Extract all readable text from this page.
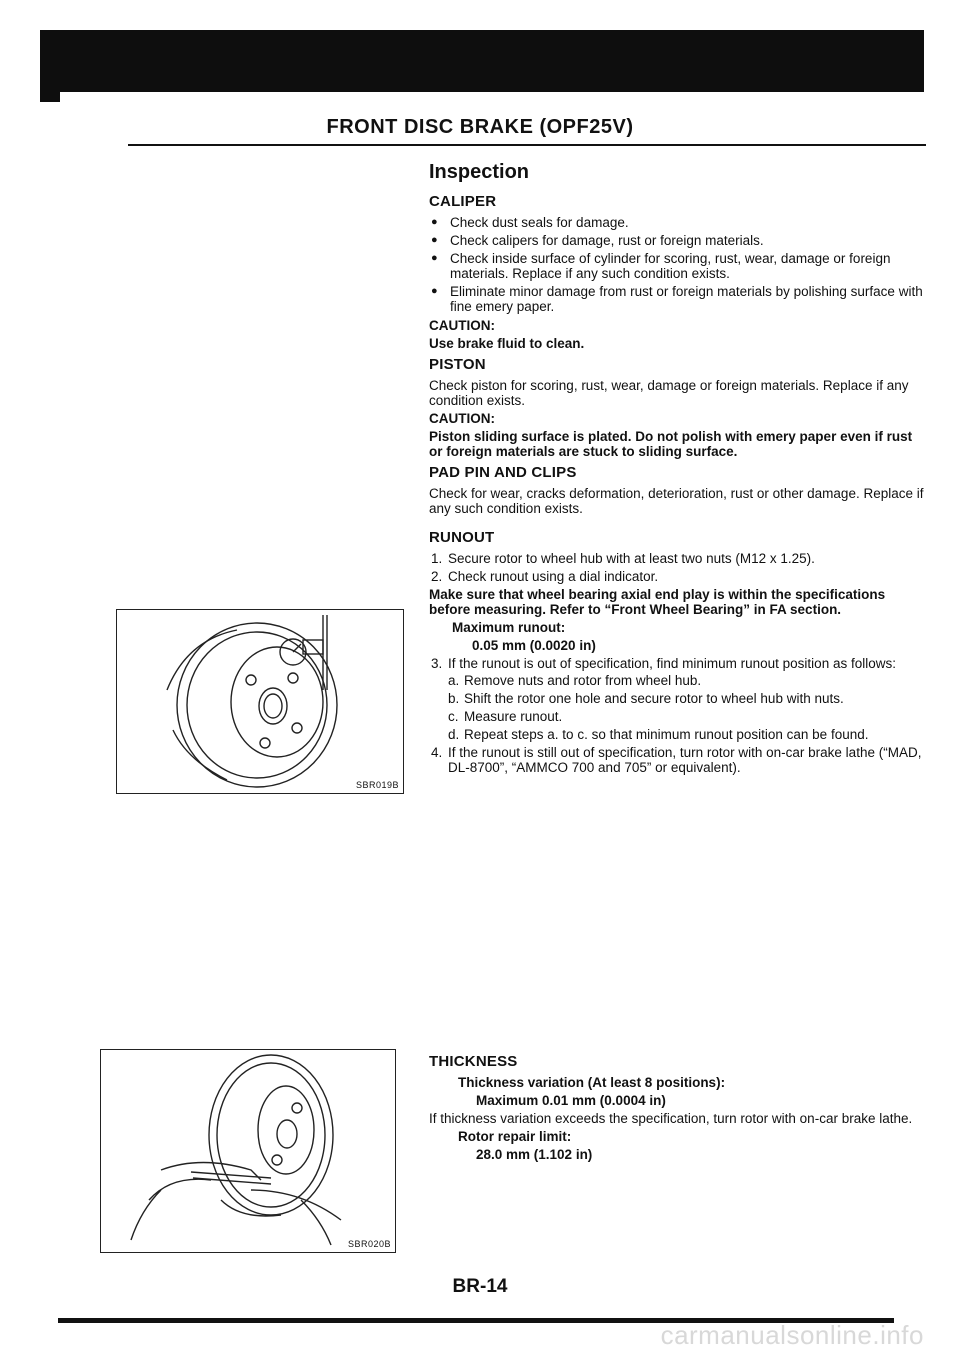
FRONT DISC BRAKE (OPF25V)
Inspection
CALIPER
● Check dust seals for damage.
● Check calipers for damage, rust or foreign materials.
● Check inside surface of cylinder for scoring, rust, wear, damage or foreign materials. Replace if any such condition exists.
● Eliminate minor damage from rust or foreign materials by polishing surface with fine emery paper.

CAUTION:

Use brake fluid to clean.

PISTON

Check piston for scoring, rust, wear, damage or foreign materials. Replace if any condition exists.

CAUTION:

Piston sliding surface is plated. Do not polish with emery paper even if rust or foreign materials are stuck to sliding surface.

PAD PIN AND CLIPS

Check for wear, cracks deformation, deterioration, rust or other damage. Replace if any such condition exists.

RUNOUT
1. Secure rotor to wheel hub with at least two nuts (M12 x 1.25).
2. Check runout using a dial indicator.

Make sure that wheel bearing axial end play is within the specifications before measuring. Refer to “Front Wheel Bearing” in FA section.

Maximum runout:

0.05 mm (0.0020 in)

3. If the runout is out of specification, find minimum runout position as follows:
a. Remove nuts and rotor from wheel hub.
b. Shift the rotor one hole and secure rotor to wheel hub with nuts.
c. Measure runout.
d. Repeat steps a. to c. so that minimum runout position can be found.
4. If the runout is still out of specification, turn rotor with on-car brake lathe (“MAD, DL-8700”, “AMMCO 700 and 705” or equivalent).
THICKNESS

Thickness variation (At least 8 positions):

Maximum 0.01 mm (0.0004 in)

If thickness variation exceeds the specification, turn rotor with on-car brake lathe.

Rotor repair limit:

28.0 mm (1.102 in)

SBR019B
SBR020B
BR-14
carmanualsonline.info
